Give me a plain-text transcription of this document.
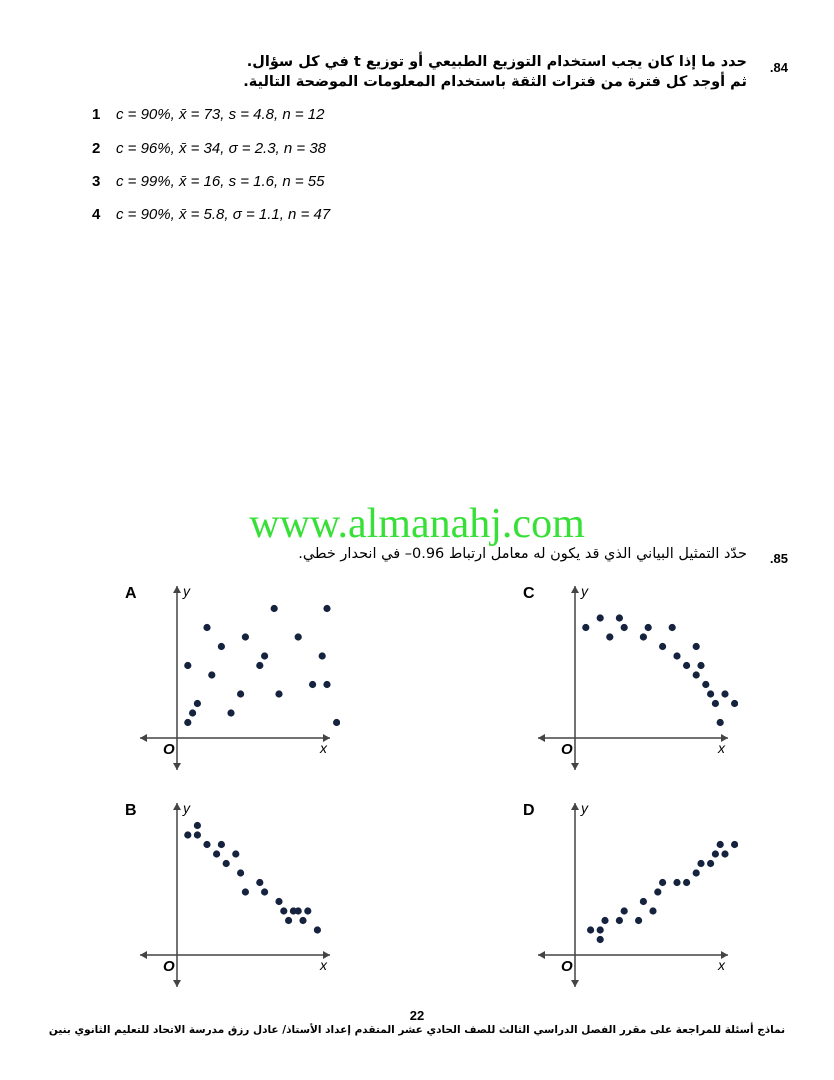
.84
حدد ما إذا كان يجب استخدام التوزيع الطبيعي أو توزيع t في كل سؤال.
ثم أوجد كل فترة من فترات الثقة باستخدام المعلومات الموضحة التالية.
1 c = 90%, x̄ = 73, s = 4.8, n = 12
2 c = 96%, x̄ = 34, σ = 2.3, n = 38
3 c = 99%, x̄ = 16, s = 1.6, n = 55
4 c = 90%, x̄ = 5.8, σ = 1.1, n = 47
www.almanahj.com
.85
حدّد التمثيل البياني الذي قد يكون له معامل ارتباط 0.96– في انحدار خطي.
A	y
x
O
C	y
x
O
B	y
x
O
D	y
x
O
22
نماذج أسئلة للمراجعة على مقرر الفصل الدراسي الثالث للصف الحادي عشر المتقدم إعداد الأستاذ/ عادل رزق مدرسة الاتحاد للتعليم الثانوي بنين
